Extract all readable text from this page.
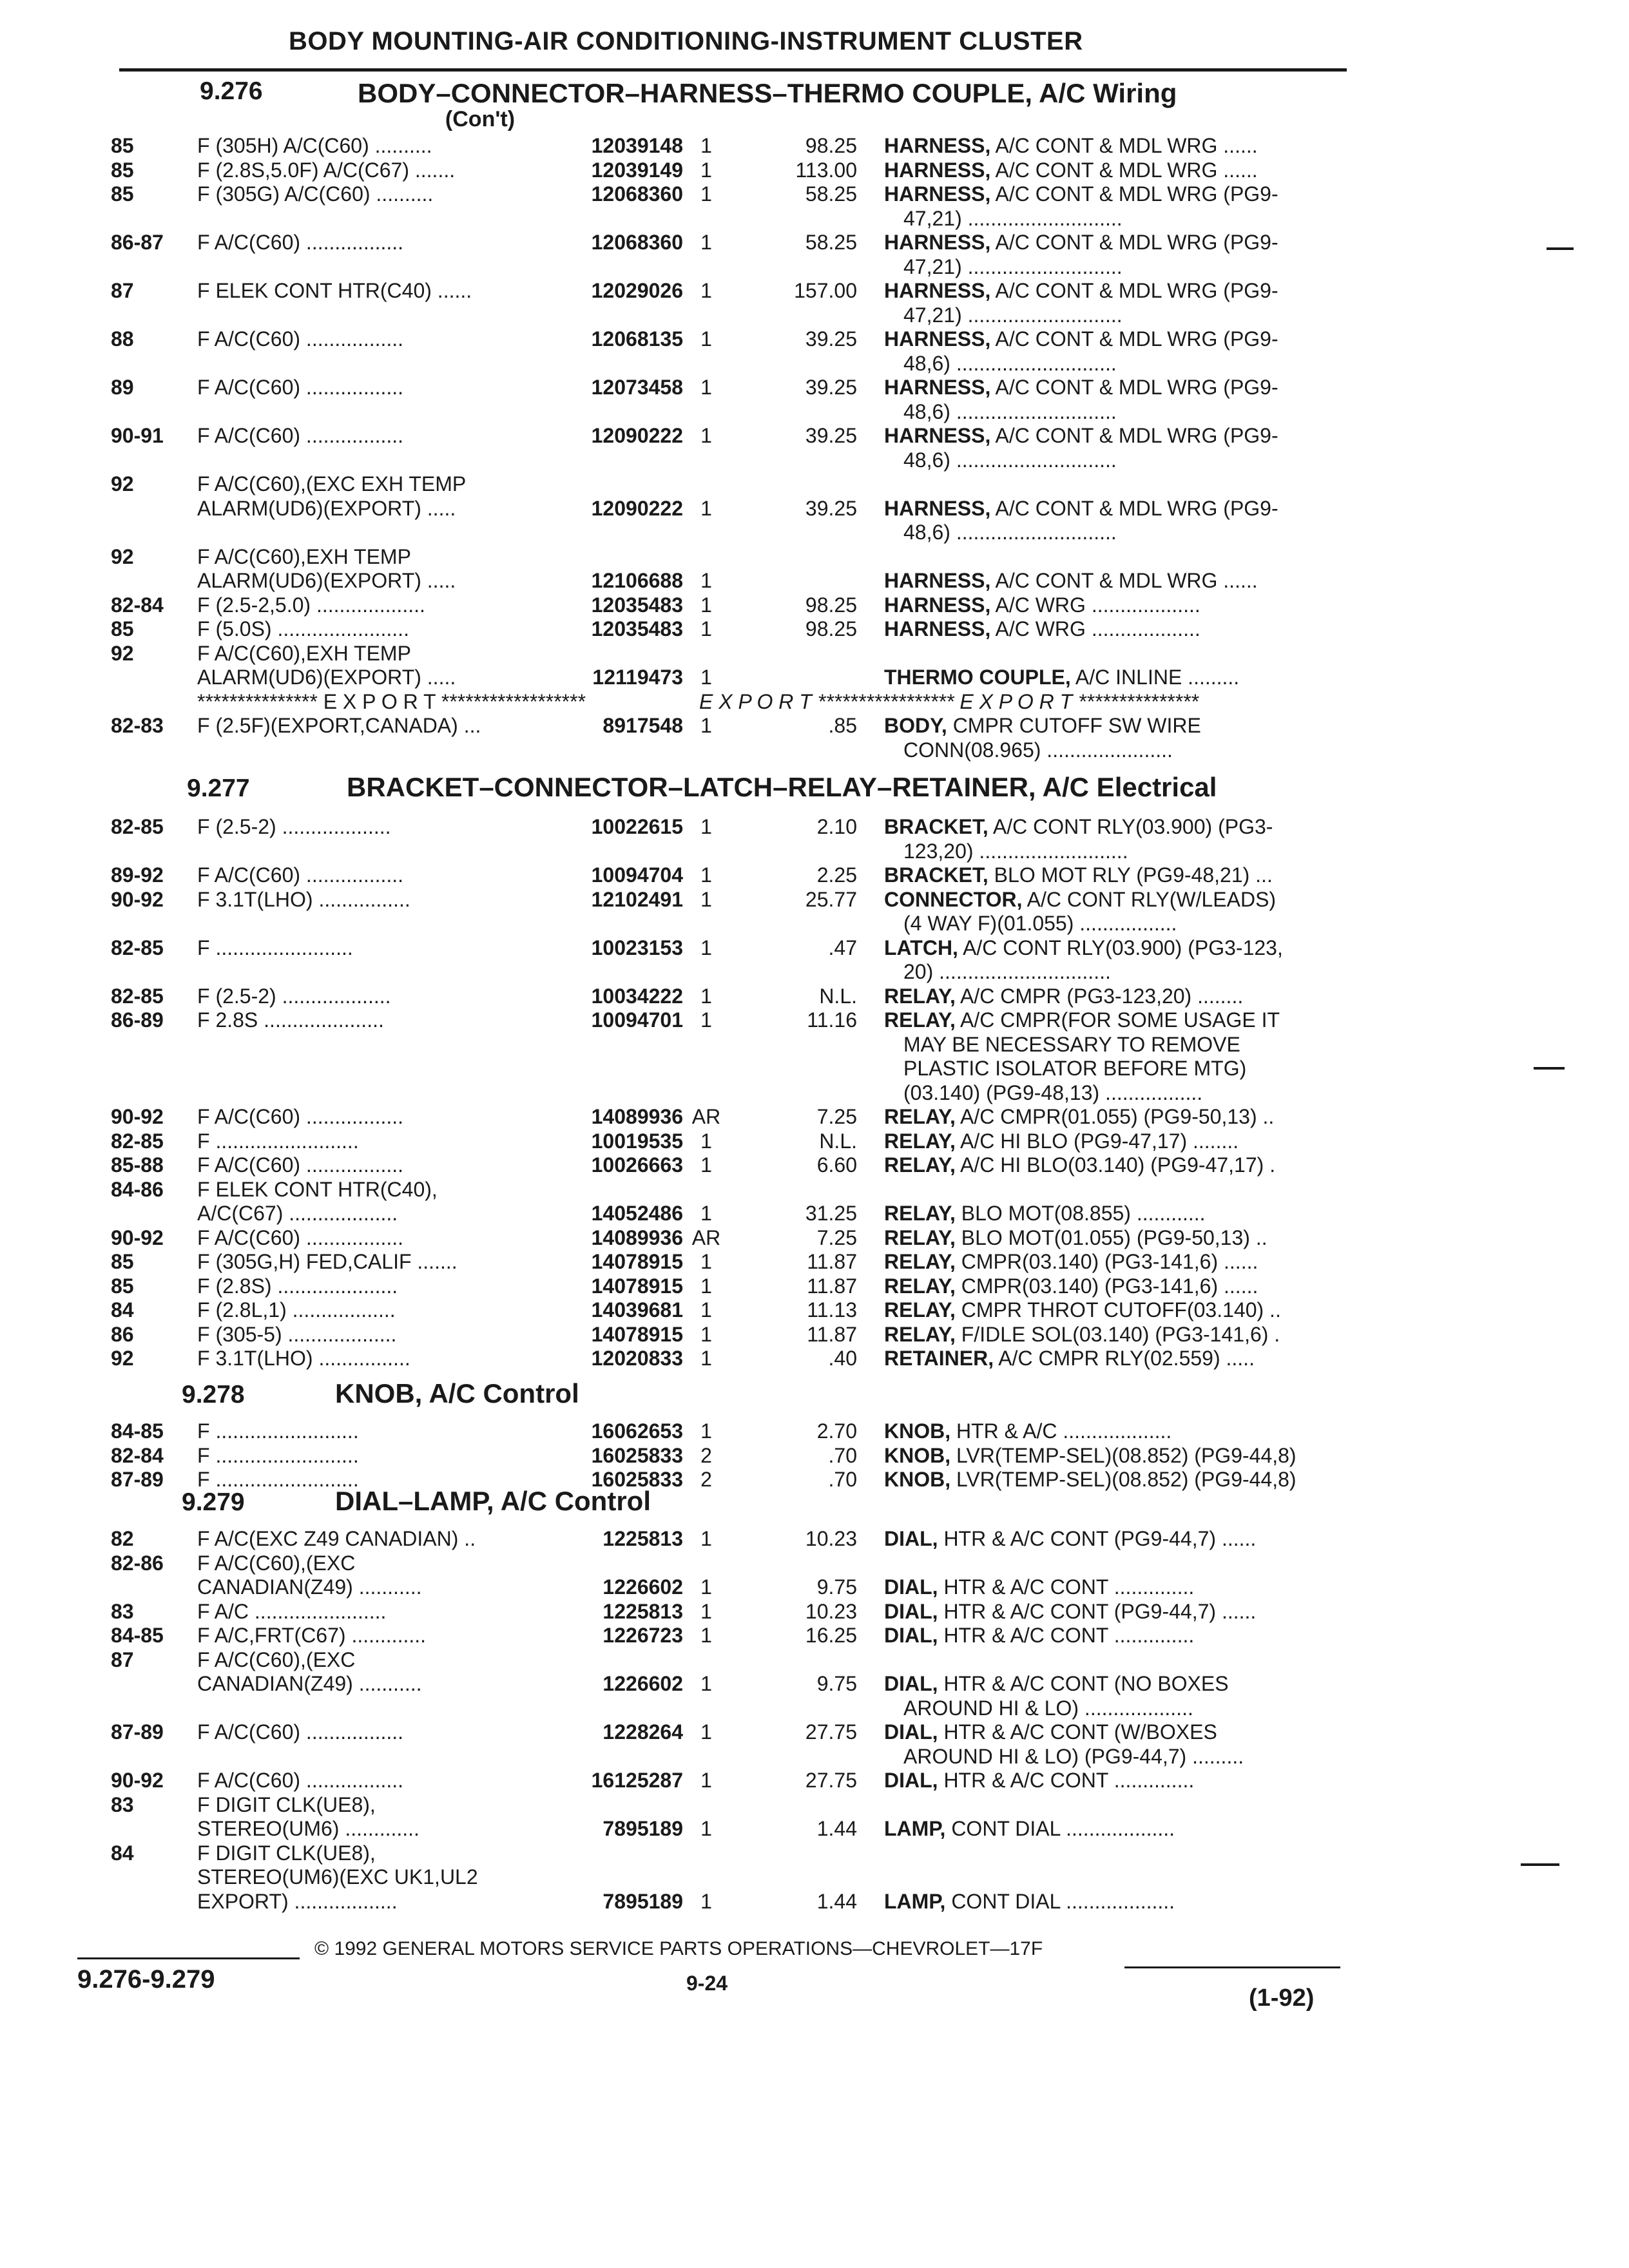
BODY MOUNTING-AIR CONDITIONING-INSTRUMENT CLUSTER
9.276	BODY–CONNECTOR–HARNESS–THERMO COUPLE, A/C Wiring
(Con't)
85	F (305H) A/C(C60) ..........	12039148 1	98.25 HARNESS, A/C CONT & MDL WRG ......
85	F (2.8S,5.0F) A/C(C67) .......	12039149 1	113.00 HARNESS, A/C CONT & MDL WRG ......
85	F (305G) A/C(C60) ..........	12068360 1	58.25 HARNESS, A/C CONT & MDL WRG (PG9-
47,21) ...........................
86-87 F A/C(C60) .................	12068360 1	58.25 HARNESS, A/C CONT & MDL WRG (PG9-
47,21) ...........................
87	F ELEK CONT HTR(C40) ......	12029026 1	157.00 HARNESS, A/C CONT & MDL WRG (PG9-
47,21) ...........................
88	F A/C(C60) .................	12068135 1	39.25 HARNESS, A/C CONT & MDL WRG (PG9-
48,6) ............................
89	F A/C(C60) .................	12073458 1	39.25 HARNESS, A/C CONT & MDL WRG (PG9-
48,6) ............................
90-91 F A/C(C60) .................	12090222 1	39.25 HARNESS, A/C CONT & MDL WRG (PG9-
48,6) ............................
92	F A/C(C60),(EXC EXH TEMP
ALARM(UD6)(EXPORT) .....	12090222 1	39.25 HARNESS, A/C CONT & MDL WRG (PG9-
48,6) ............................
92	F A/C(C60),EXH TEMP
ALARM(UD6)(EXPORT) .....	12106688 1	HARNESS, A/C CONT & MDL WRG ......
82-84 F (2.5-2,5.0) ...................	12035483 1	98.25 HARNESS, A/C WRG ...................
85	F (5.0S) .......................	12035483 1	98.25 HARNESS, A/C WRG ...................
92	F A/C(C60),EXH TEMP
ALARM(UD6)(EXPORT) .....	12119473 1	THERMO COUPLE, A/C INLINE .........
*************** E X P O R T ******************	E X P O R T ***************** E X P O R T ***************
82-83 F (2.5F)(EXPORT,CANADA) ...	8917548 1	.85 BODY, CMPR CUTOFF SW WIRE
CONN(08.965) ......................
9.277	BRACKET–CONNECTOR–LATCH–RELAY–RETAINER, A/C Electrical
82-85 F (2.5-2) ...................	10022615 1	2.10 BRACKET, A/C CONT RLY(03.900) (PG3-
123,20) ..........................
89-92 F A/C(C60) .................	10094704 1	2.25 BRACKET, BLO MOT RLY (PG9-48,21) ...
90-92 F 3.1T(LHO) ................	12102491 1	25.77 CONNECTOR, A/C CONT RLY(W/LEADS)
(4 WAY F)(01.055) .................
82-85 F ........................	10023153 1	.47 LATCH, A/C CONT RLY(03.900) (PG3-123,
20) ..............................
82-85 F (2.5-2) ...................	10034222 1	N.L. RELAY, A/C CMPR (PG3-123,20) ........
86-89 F 2.8S .....................	10094701 1	11.16 RELAY, A/C CMPR(FOR SOME USAGE IT
MAY BE NECESSARY TO REMOVE
PLASTIC ISOLATOR BEFORE MTG)
(03.140) (PG9-48,13) .................
90-92 F A/C(C60) .................	14089936 AR	7.25 RELAY, A/C CMPR(01.055) (PG9-50,13) ..
82-85 F .........................	10019535 1	N.L. RELAY, A/C HI BLO (PG9-47,17) ........
85-88 F A/C(C60) .................	10026663 1	6.60 RELAY, A/C HI BLO(03.140) (PG9-47,17) .
84-86 F ELEK CONT HTR(C40),
A/C(C67) ...................	14052486 1	31.25 RELAY, BLO MOT(08.855) ............
90-92 F A/C(C60) .................	14089936 AR	7.25 RELAY, BLO MOT(01.055) (PG9-50,13) ..
85	F (305G,H) FED,CALIF .......	14078915 1	11.87 RELAY, CMPR(03.140) (PG3-141,6) ......
85	F (2.8S) .....................	14078915 1	11.87 RELAY, CMPR(03.140) (PG3-141,6) ......
84	F (2.8L,1) ..................	14039681 1	11.13 RELAY, CMPR THROT CUTOFF(03.140) ..
86	F (305-5) ...................	14078915 1	11.87 RELAY, F/IDLE SOL(03.140) (PG3-141,6) .
92	F 3.1T(LHO) ................	12020833 1	.40 RETAINER, A/C CMPR RLY(02.559) .....
9.278	KNOB, A/C Control
84-85 F .........................	16062653 1	2.70 KNOB, HTR & A/C ...................
82-84 F .........................	16025833 2	.70 KNOB, LVR(TEMP-SEL)(08.852) (PG9-44,8)
87-89 F .........................	16025833 2	.70 KNOB, LVR(TEMP-SEL)(08.852) (PG9-44,8)
9.279	DIAL–LAMP, A/C Control
82	F A/C(EXC Z49 CANADIAN) ..	1225813 1	10.23 DIAL, HTR & A/C CONT (PG9-44,7) ......
82-86 F A/C(C60),(EXC
CANADIAN(Z49) ...........	1226602 1	9.75 DIAL, HTR & A/C CONT ..............
83	F A/C .......................	1225813 1	10.23 DIAL, HTR & A/C CONT (PG9-44,7) ......
84-85 F A/C,FRT(C67) .............	1226723 1	16.25 DIAL, HTR & A/C CONT ..............
87	F A/C(C60),(EXC
CANADIAN(Z49) ...........	1226602 1	9.75 DIAL, HTR & A/C CONT (NO BOXES
AROUND HI & LO) ...................
87-89 F A/C(C60) .................	1228264 1	27.75 DIAL, HTR & A/C CONT (W/BOXES
AROUND HI & LO) (PG9-44,7) .........
90-92 F A/C(C60) .................	16125287 1	27.75 DIAL, HTR & A/C CONT ..............
83	F DIGIT CLK(UE8),
STEREO(UM6) .............	7895189 1	1.44 LAMP, CONT DIAL ...................
84	F DIGIT CLK(UE8),
STEREO(UM6)(EXC UK1,UL2
EXPORT) ..................	7895189 1	1.44 LAMP, CONT DIAL ...................
© 1992 GENERAL MOTORS SERVICE PARTS OPERATIONS—CHEVROLET—17F
9.276-9.279	9-24
(1-92)
